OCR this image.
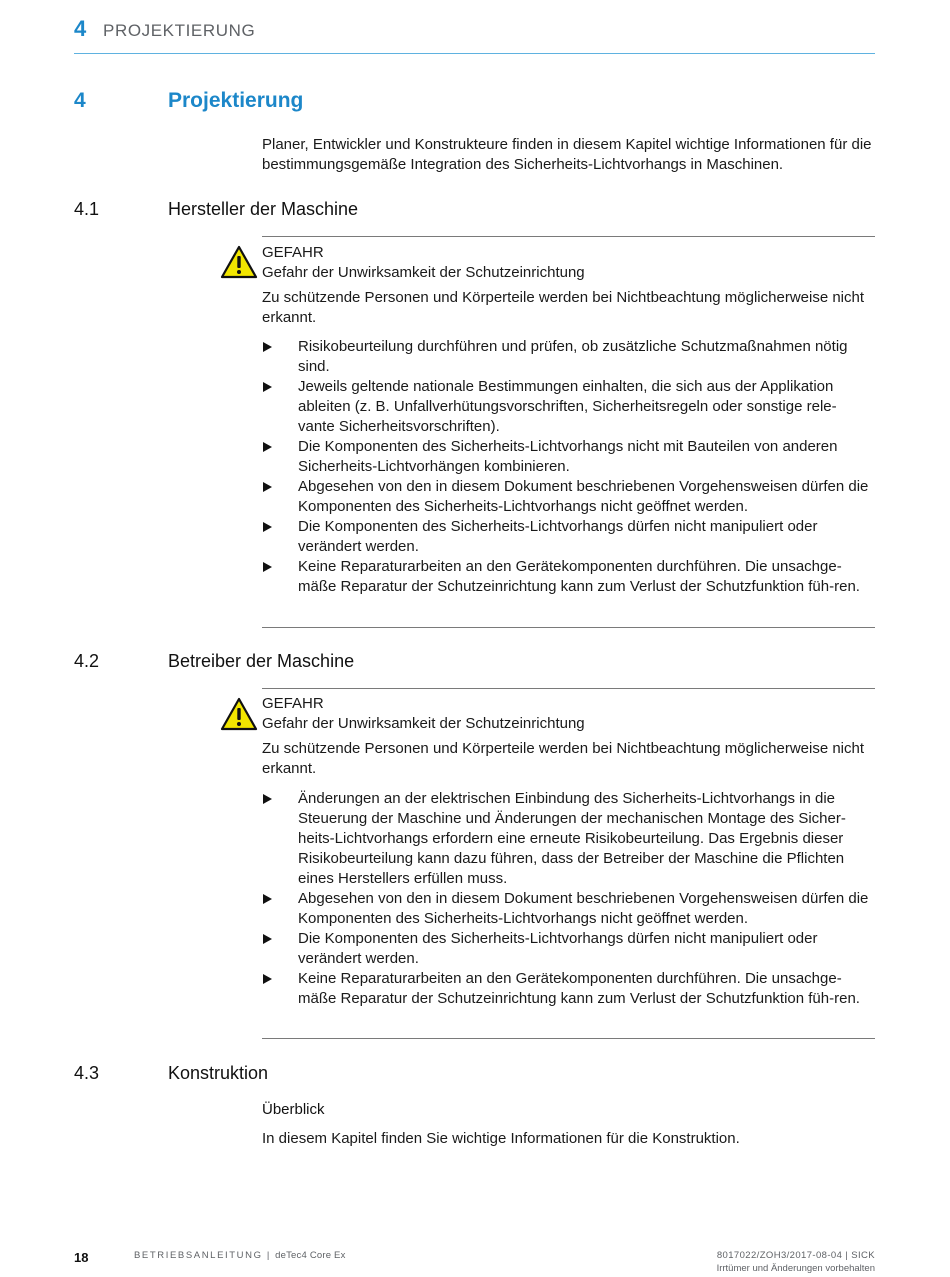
4 PROJEKTIERUNG
4	Projektierung
Planer, Entwickler und Konstrukteure finden in diesem Kapitel wichtige Informationen für die bestimmungsgemäße Integration des Sicherheits-Lichtvorhangs in Maschinen.
4.1	Hersteller der Maschine
GEFAHR
Gefahr der Unwirksamkeit der Schutzeinrichtung
Zu schützende Personen und Körperteile werden bei Nichtbeachtung möglicherweise nicht erkannt.
Risikobeurteilung durchführen und prüfen, ob zusätzliche Schutzmaßnahmen nötig sind.
Jeweils geltende nationale Bestimmungen einhalten, die sich aus der Applikation ableiten (z. B. Unfallverhütungsvorschriften, Sicherheitsregeln oder sonstige rele-vante Sicherheitsvorschriften).
Die Komponenten des Sicherheits-Lichtvorhangs nicht mit Bauteilen von anderen Sicherheits-Lichtvorhängen kombinieren.
Abgesehen von den in diesem Dokument beschriebenen Vorgehensweisen dürfen die Komponenten des Sicherheits-Lichtvorhangs nicht geöffnet werden.
Die Komponenten des Sicherheits-Lichtvorhangs dürfen nicht manipuliert oder verändert werden.
Keine Reparaturarbeiten an den Gerätekomponenten durchführen. Die unsachge-mäße Reparatur der Schutzeinrichtung kann zum Verlust der Schutzfunktion füh-ren.
4.2	Betreiber der Maschine
GEFAHR
Gefahr der Unwirksamkeit der Schutzeinrichtung
Zu schützende Personen und Körperteile werden bei Nichtbeachtung möglicherweise nicht erkannt.
Änderungen an der elektrischen Einbindung des Sicherheits-Lichtvorhangs in die Steuerung der Maschine und Änderungen der mechanischen Montage des Sicher-heits-Lichtvorhangs erfordern eine erneute Risikobeurteilung. Das Ergebnis dieser Risikobeurteilung kann dazu führen, dass der Betreiber der Maschine die Pflichten eines Herstellers erfüllen muss.
Abgesehen von den in diesem Dokument beschriebenen Vorgehensweisen dürfen die Komponenten des Sicherheits-Lichtvorhangs nicht geöffnet werden.
Die Komponenten des Sicherheits-Lichtvorhangs dürfen nicht manipuliert oder verändert werden.
Keine Reparaturarbeiten an den Gerätekomponenten durchführen. Die unsachge-mäße Reparatur der Schutzeinrichtung kann zum Verlust der Schutzfunktion füh-ren.
4.3	Konstruktion
Überblick
In diesem Kapitel finden Sie wichtige Informationen für die Konstruktion.
18	BETRIEBSANLEITUNG | deTec4 Core Ex	8017022/ZOH3/2017-08-04 | SICK
Irrtümer und Änderungen vorbehalten
